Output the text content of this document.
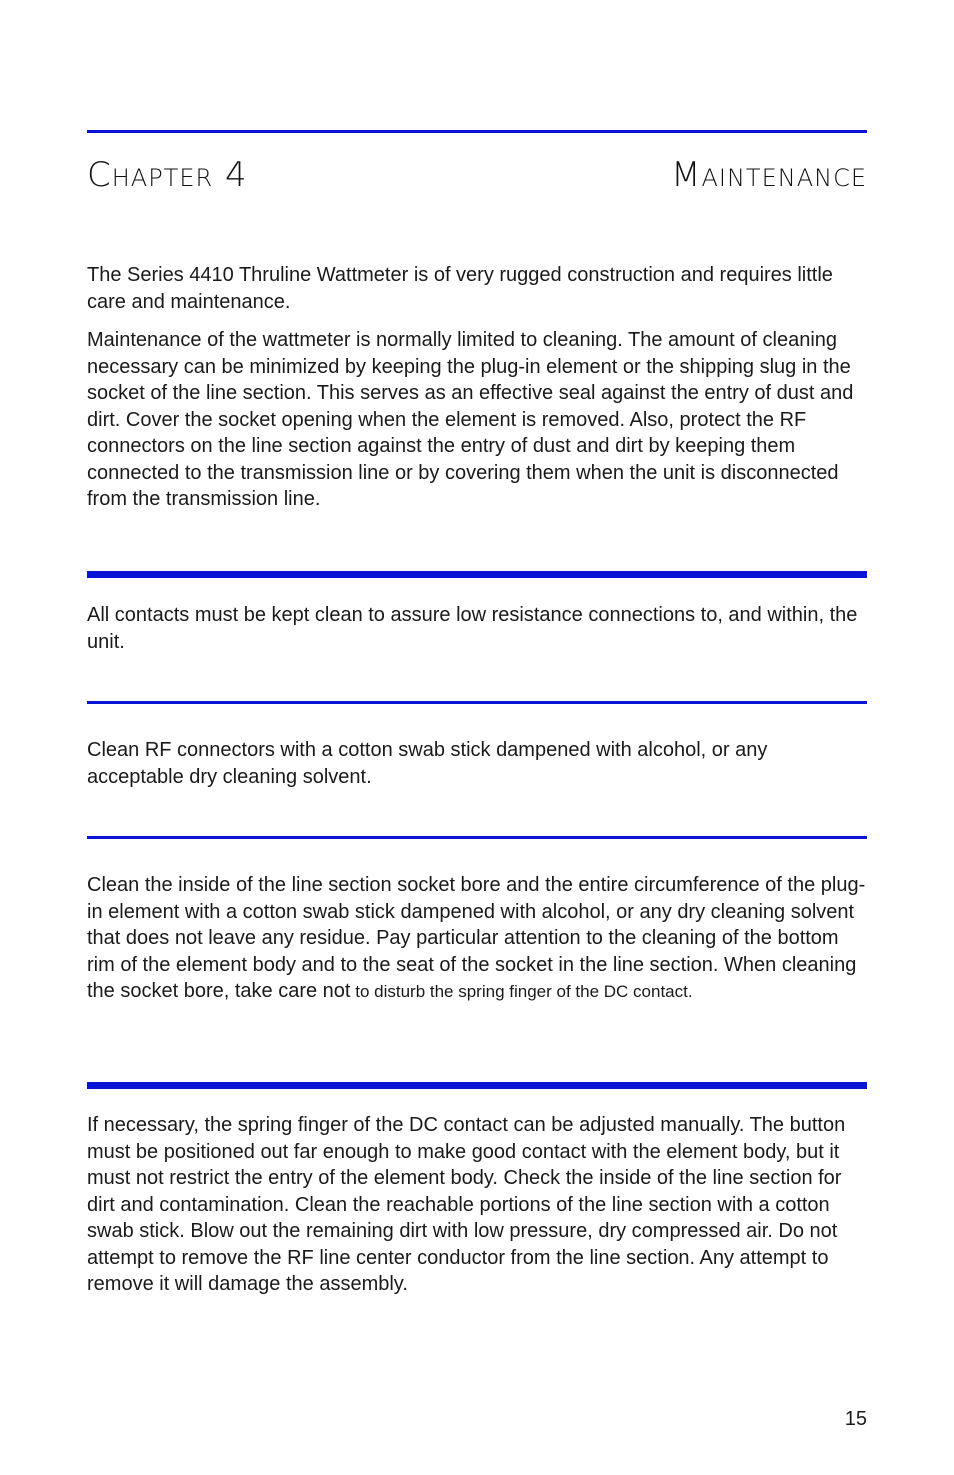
Chapter 4	Maintenance

The Series 4410 Thruline Wattmeter is of very rugged construction and requires little care and maintenance.

Maintenance of the wattmeter is normally limited to cleaning. The amount of cleaning necessary can be minimized by keeping the plug-in element or the shipping slug in the socket of the line section. This serves as an effective seal against the entry of dust and dirt. Cover the socket opening when the element is removed. Also, protect the RF connectors on the line section against the entry of dust and dirt by keeping them connected to the transmission line or by covering them when the unit is disconnected from the transmission line.

All contacts must be kept clean to assure low resistance connections to, and within, the unit.

Clean RF connectors with a cotton swab stick dampened with alcohol, or any acceptable dry cleaning solvent.

Clean the inside of the line section socket bore and the entire circumference of the plug-in element with a cotton swab stick dampened with alcohol, or any dry cleaning solvent that does not leave any residue. Pay particular attention to the cleaning of the bottom rim of the element body and to the seat of the socket in the line section. When cleaning the socket bore, take care not to disturb the spring finger of the DC contact.

If necessary, the spring finger of the DC contact can be adjusted manually. The button must be positioned out far enough to make good contact with the element body, but it must not restrict the entry of the element body. Check the inside of the line section for dirt and contamination. Clean the reachable portions of the line section with a cotton swab stick. Blow out the remaining dirt with low pressure, dry compressed air. Do not attempt to remove the RF line center conductor from the line section. Any attempt to remove it will damage the assembly.

15
